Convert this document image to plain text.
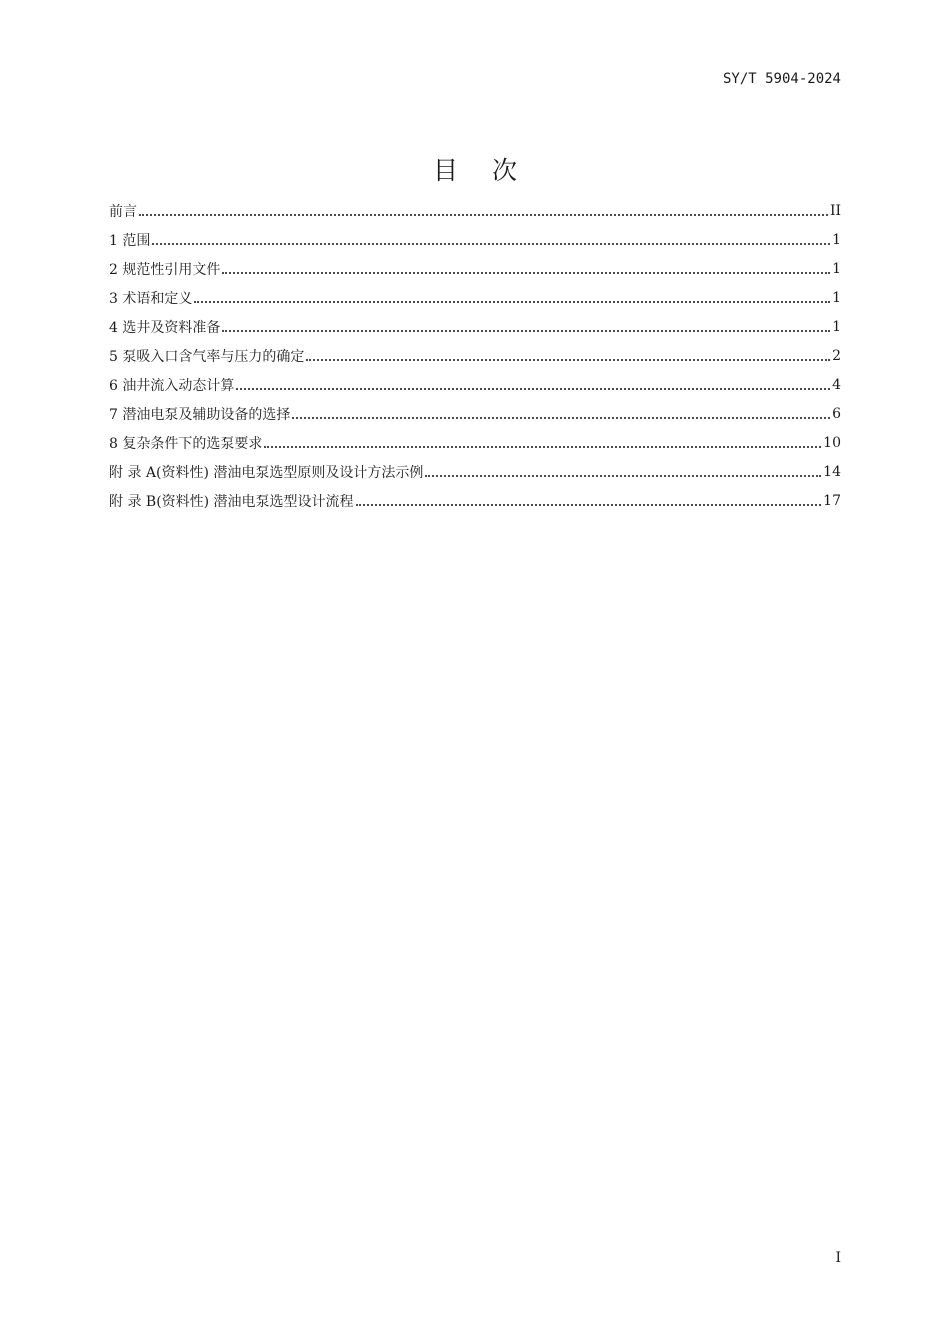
SY/T 5904-2024
目次
前言	II
1 范围	1
2 规范性引用文件	1
3 术语和定义	1
4 选井及资料准备	1
5 泵吸入口含气率与压力的确定	2
6 油井流入动态计算	4
7 潜油电泵及辅助设备的选择	6
8 复杂条件下的选泵要求	10
附 录 A(资料性) 潜油电泵选型原则及设计方法示例	14
附 录 B(资料性) 潜油电泵选型设计流程	17
I
